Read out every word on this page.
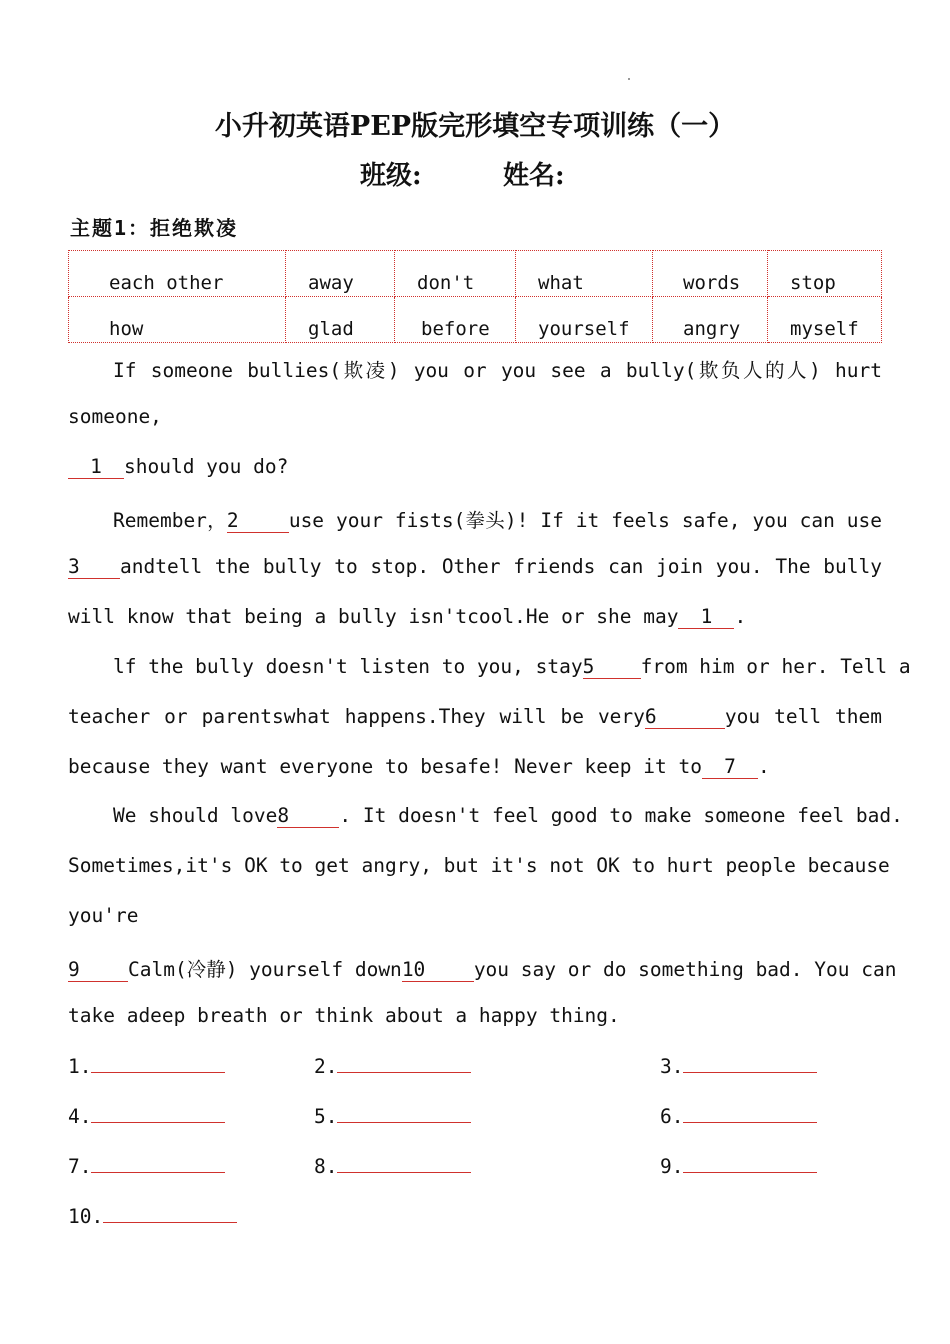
小升初英语PEP版完形填空专项训练（一）
班级:	姓名:
主题1：拒绝欺凌
each other	away	don't	what	words	stop
how	glad	before	yourself	angry	myself
If someone bullies(欺凌) you or you see a bully(欺负人的人) hurt
someone,
1 should you do?
Remember，2	use your fists(拳头)! If it feels safe, you can use
3 andtell the bully to stop. Other friends can join you. The bully
will know that being a bully isn'tcool.He or she may 1 .
lf the bully doesn't listen to you, stay5 from him or her. Tell a
teacher or parentswhat happens.They will be very6	you tell them
because they want everyone to besafe! Never keep it to 7 .
We should love8	. It doesn't feel good to make someone feel bad.
Sometimes,it's OK to get angry, but it's not OK to hurt people because
you're
9 Calm(冷静) yourself down10 you say or do something bad. You can
take adeep breath or think about a happy thing.
1.	2.	3.
4.	5.	6.
7.	8.	9.
10.
